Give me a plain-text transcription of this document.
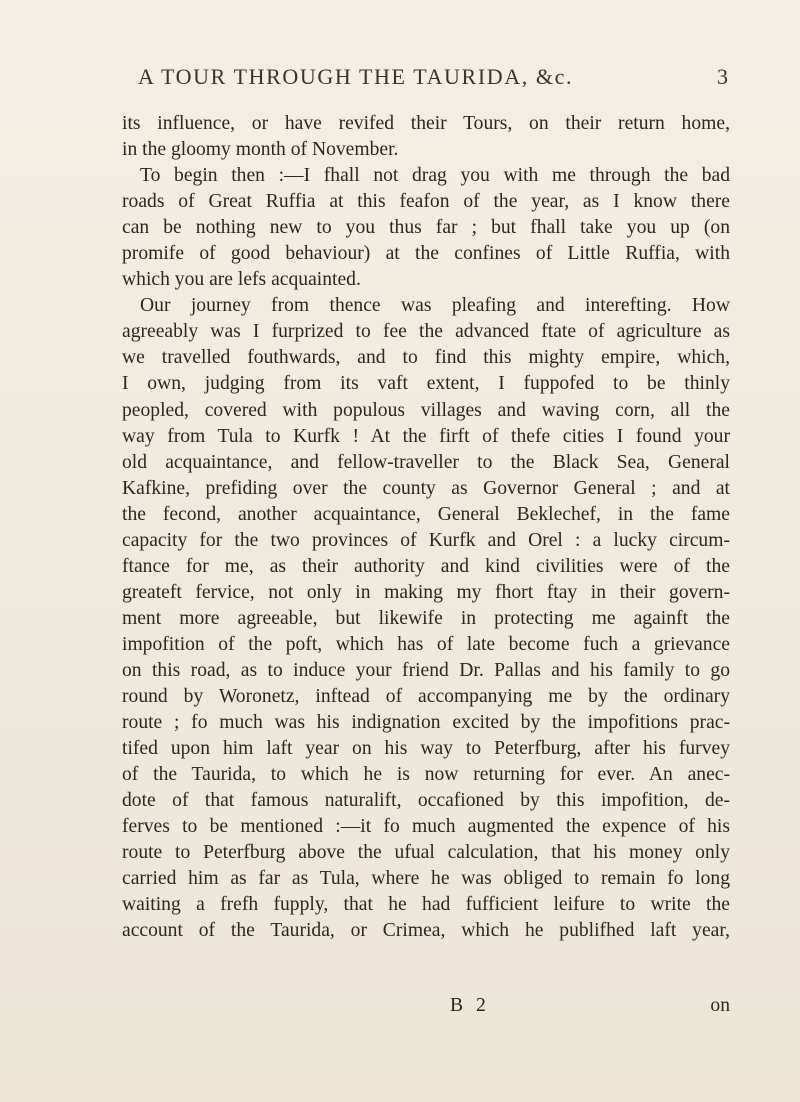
A TOUR THROUGH THE TAURIDA, &c.	3
its influence, or have revifed their Tours, on their return home,
in the gloomy month of November.
To begin then :—I fhall not drag you with me through the bad
roads of Great Ruffia at this feafon of the year, as I know there
can be nothing new to you thus far ; but fhall take you up (on
promife of good behaviour) at the confines of Little Ruffia, with
which you are lefs acquainted.
Our journey from thence was pleafing and interefting. How
agreeably was I furprized to fee the advanced ftate of agriculture as
we travelled fouthwards, and to find this mighty empire, which,
I own, judging from its vaft extent, I fuppofed to be thinly
peopled, covered with populous villages and waving corn, all the
way from Tula to Kurfk ! At the firft of thefe cities I found your
old acquaintance, and fellow-traveller to the Black Sea, General
Kafkine, prefiding over the county as Governor General ; and at
the fecond, another acquaintance, General Beklechef, in the fame
capacity for the two provinces of Kurfk and Orel : a lucky circum-
ftance for me, as their authority and kind civilities were of the
greateft fervice, not only in making my fhort ftay in their govern-
ment more agreeable, but likewife in protecting me againft the
impofition of the poft, which has of late become fuch a grievance
on this road, as to induce your friend Dr. Pallas and his family to go
round by Woronetz, inftead of accompanying me by the ordinary
route ; fo much was his indignation excited by the impofitions prac-
tifed upon him laft year on his way to Peterfburg, after his furvey
of the Taurida, to which he is now returning for ever. An anec-
dote of that famous naturalift, occafioned by this impofition, de-
ferves to be mentioned :—it fo much augmented the expence of his
route to Peterfburg above the ufual calculation, that his money only
carried him as far as Tula, where he was obliged to remain fo long
waiting a frefh fupply, that he had fufficient leifure to write the
account of the Taurida, or Crimea, which he publifhed laft year,
B 2	on
